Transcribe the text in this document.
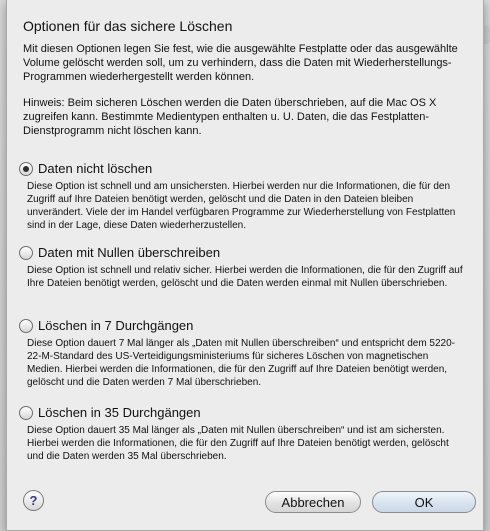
Optionen für das sichere Löschen

Mit diesen Optionen legen Sie fest, wie die ausgewählte Festplatte oder das ausgewählte Volume gelöscht werden soll, um zu verhindern, dass die Daten mit Wiederherstellungs-Programmen wiederhergestellt werden können.

Hinweis: Beim sicheren Löschen werden die Daten überschrieben, auf die Mac OS X zugreifen kann. Bestimmte Medientypen enthalten u. U. Daten, die das Festplatten-Dienstprogramm nicht löschen kann.

Daten nicht löschen

Diese Option ist schnell und am unsichersten. Hierbei werden nur die Informationen, die für den Zugriff auf Ihre Dateien benötigt werden, gelöscht und die Daten in den Dateien bleiben unverändert. Viele der im Handel verfügbaren Programme zur Wiederherstellung von Festplatten sind in der Lage, diese Daten wiederherzustellen.

Daten mit Nullen überschreiben

Diese Option ist schnell und relativ sicher. Hierbei werden die Informationen, die für den Zugriff auf Ihre Dateien benötigt werden, gelöscht und die Daten werden einmal mit Nullen überschrieben.

Löschen in 7 Durchgängen

Diese Option dauert 7 Mal länger als „Daten mit Nullen überschreiben“ und entspricht dem 5220-22-M-Standard des US-Verteidigungsministeriums für sicheres Löschen von magnetischen Medien. Hierbei werden die Informationen, die für den Zugriff auf Ihre Dateien benötigt werden, gelöscht und die Daten werden 7 Mal überschrieben.

Löschen in 35 Durchgängen

Diese Option dauert 35 Mal länger als „Daten mit Nullen überschreiben“ und ist am sichersten. Hierbei werden die Informationen, die für den Zugriff auf Ihre Dateien benötigt werden, gelöscht und die Daten werden 35 Mal überschrieben.

?	Abbrechen	OK
